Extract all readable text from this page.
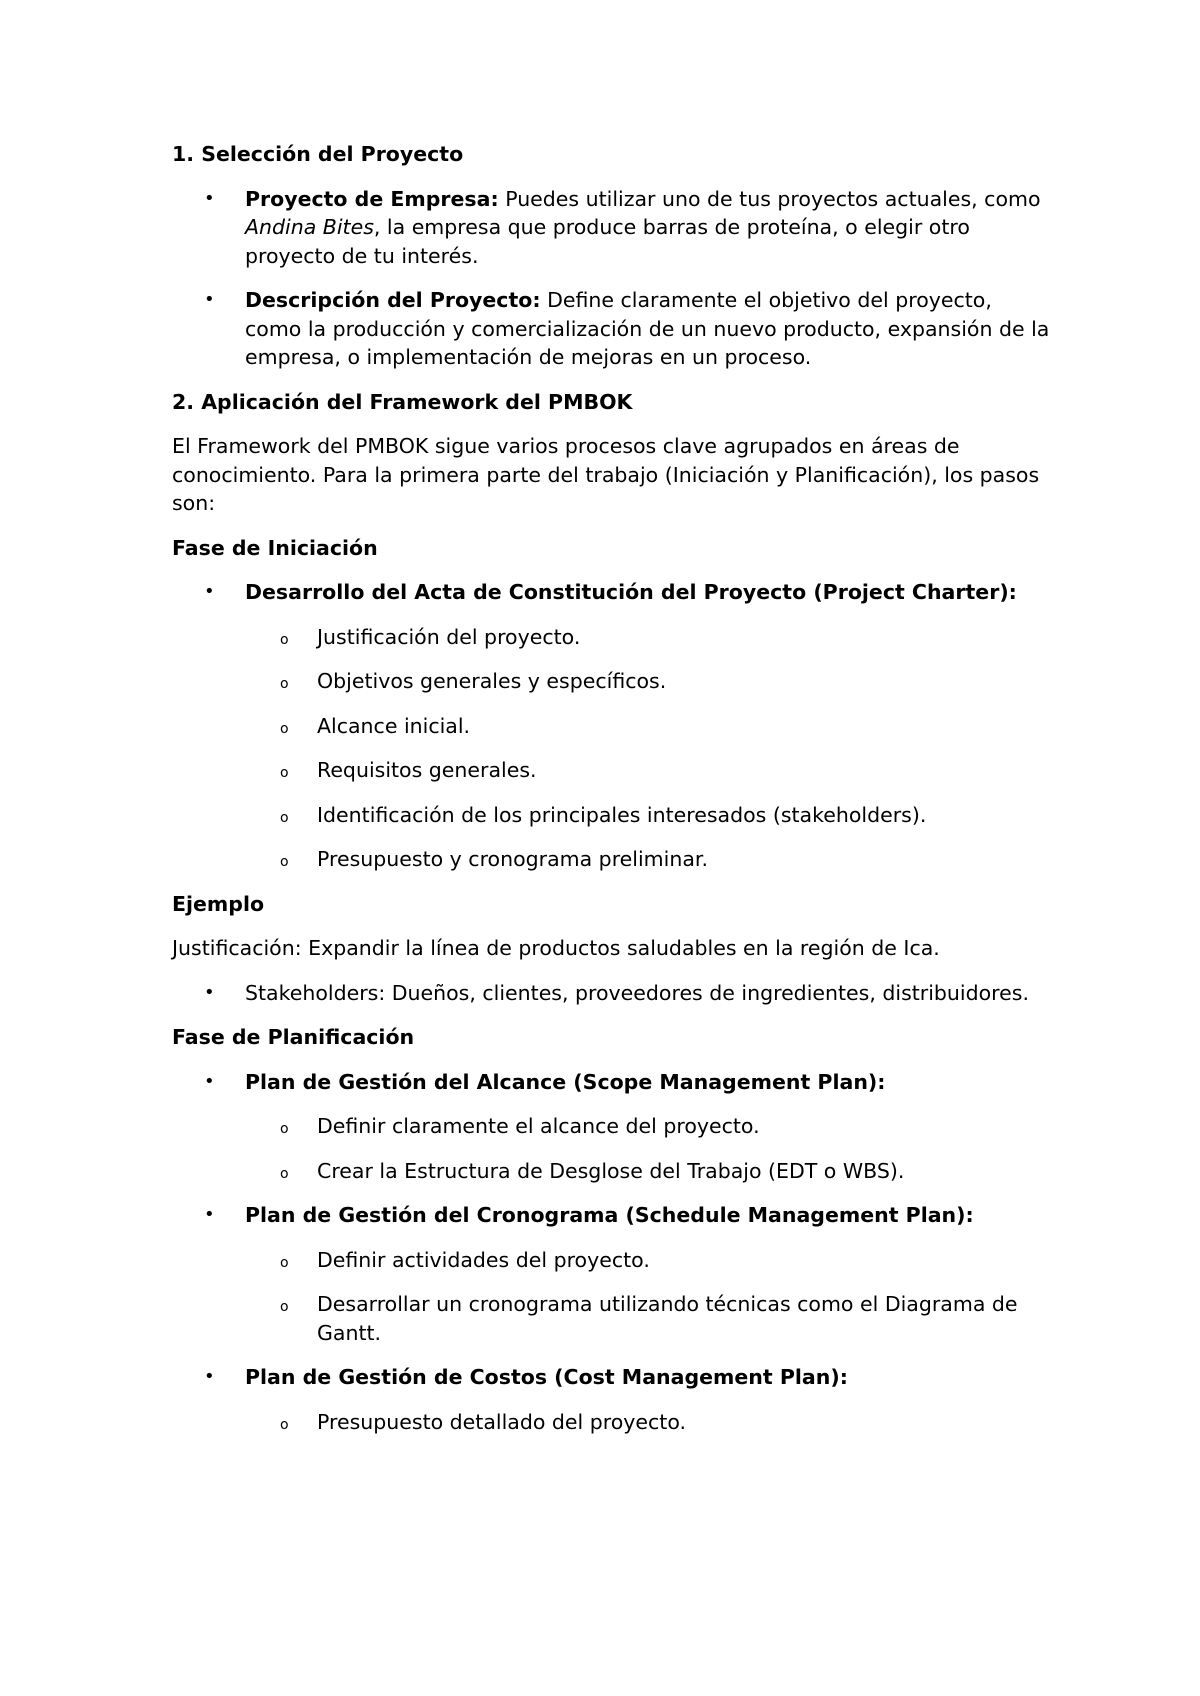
1. Selección del Proyecto
• Proyecto de Empresa: Puedes utilizar uno de tus proyectos actuales, como Andina Bites, la empresa que produce barras de proteína, o elegir otro proyecto de tu interés.
• Descripción del Proyecto: Define claramente el objetivo del proyecto, como la producción y comercialización de un nuevo producto, expansión de la empresa, o implementación de mejoras en un proceso.
2. Aplicación del Framework del PMBOK
El Framework del PMBOK sigue varios procesos clave agrupados en áreas de conocimiento. Para la primera parte del trabajo (Iniciación y Planificación), los pasos son:
Fase de Iniciación
• Desarrollo del Acta de Constitución del Proyecto (Project Charter):
o Justificación del proyecto.
o Objetivos generales y específicos.
o Alcance inicial.
o Requisitos generales.
o Identificación de los principales interesados (stakeholders).
o Presupuesto y cronograma preliminar.
Ejemplo
Justificación: Expandir la línea de productos saludables en la región de Ica.
• Stakeholders: Dueños, clientes, proveedores de ingredientes, distribuidores.
Fase de Planificación
• Plan de Gestión del Alcance (Scope Management Plan):
o Definir claramente el alcance del proyecto.
o Crear la Estructura de Desglose del Trabajo (EDT o WBS).
• Plan de Gestión del Cronograma (Schedule Management Plan):
o Definir actividades del proyecto.
o Desarrollar un cronograma utilizando técnicas como el Diagrama de Gantt.
• Plan de Gestión de Costos (Cost Management Plan):
o Presupuesto detallado del proyecto.
